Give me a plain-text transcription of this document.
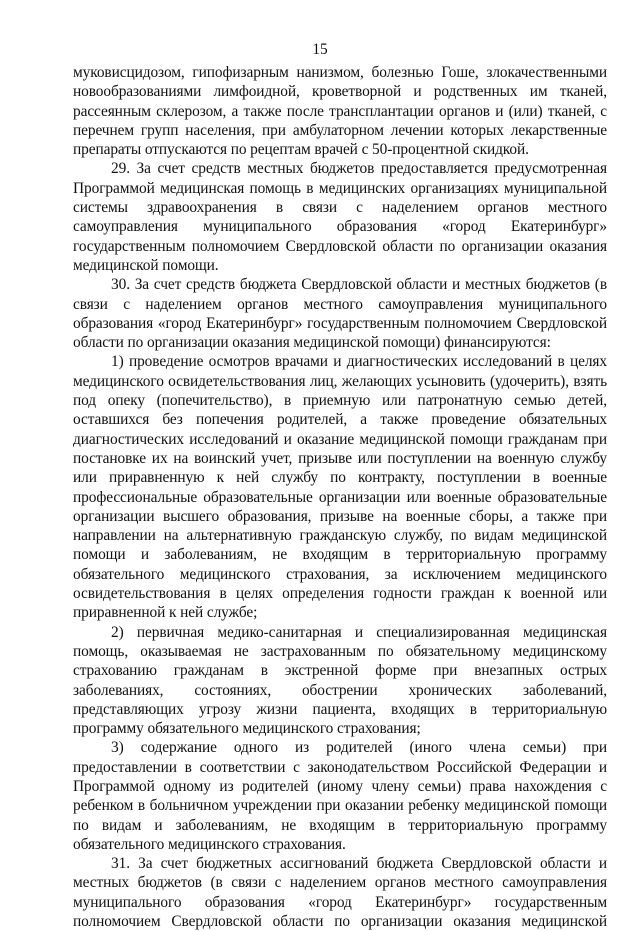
15

муковисцидозом, гипофизарным нанизмом, болезнью Гоше, злокачественными новообразованиями лимфоидной, кроветворной и родственных им тканей, рассеянным склерозом, а также после трансплантации органов и (или) тканей, с перечнем групп населения, при амбулаторном лечении которых лекарственные препараты отпускаются по рецептам врачей с 50-процентной скидкой.

29. За счет средств местных бюджетов предоставляется предусмотренная Программой медицинская помощь в медицинских организациях муниципальной системы здравоохранения в связи с наделением органов местного самоуправления муниципального образования «город Екатеринбург» государственным полномочием Свердловской области по организации оказания медицинской помощи.

30. За счет средств бюджета Свердловской области и местных бюджетов (в связи с наделением органов местного самоуправления муниципального образования «город Екатеринбург» государственным полномочием Свердловской области по организации оказания медицинской помощи) финансируются:

1) проведение осмотров врачами и диагностических исследований в целях медицинского освидетельствования лиц, желающих усыновить (удочерить), взять под опеку (попечительство), в приемную или патронатную семью детей, оставшихся без попечения родителей, а также проведение обязательных диагностических исследований и оказание медицинской помощи гражданам при постановке их на воинский учет, призыве или поступлении на военную службу или приравненную к ней службу по контракту, поступлении в военные профессиональные образовательные организации или военные образовательные организации высшего образования, призыве на военные сборы, а также при направлении на альтернативную гражданскую службу, по видам медицинской помощи и заболеваниям, не входящим в территориальную программу обязательного медицинского страхования, за исключением медицинского освидетельствования в целях определения годности граждан к военной или приравненной к ней службе;

2) первичная медико-санитарная и специализированная медицинская помощь, оказываемая не застрахованным по обязательному медицинскому страхованию гражданам в экстренной форме при внезапных острых заболеваниях, состояниях, обострении хронических заболеваний, представляющих угрозу жизни пациента, входящих в территориальную программу обязательного медицинского страхования;

3) содержание одного из родителей (иного члена семьи) при предоставлении в соответствии с законодательством Российской Федерации и Программой одному из родителей (иному члену семьи) права нахождения с ребенком в больничном учреждении при оказании ребенку медицинской помощи по видам и заболеваниям, не входящим в территориальную программу обязательного медицинского страхования.

31. За счет бюджетных ассигнований бюджета Свердловской области и местных бюджетов (в связи с наделением органов местного самоуправления муниципального образования «город Екатеринбург» государственным полномочием Свердловской области по организации оказания медицинской
